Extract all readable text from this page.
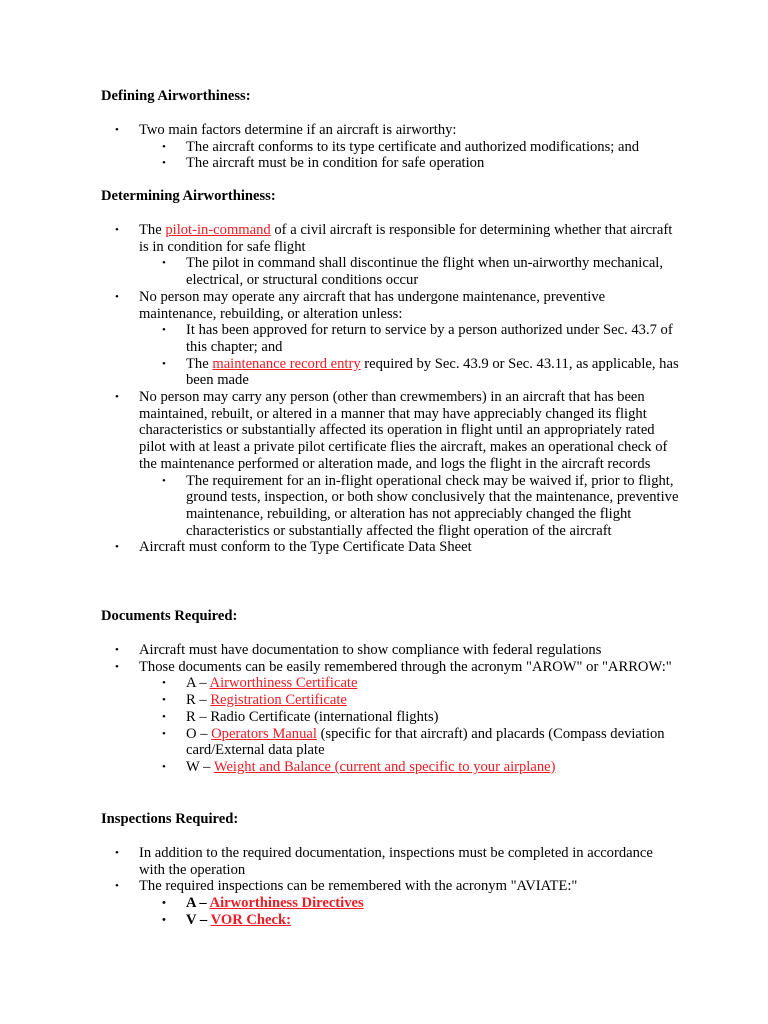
Defining Airworthiness:
• Two main factors determine if an aircraft is airworthy:
• The aircraft conforms to its type certificate and authorized modifications; and
• The aircraft must be in condition for safe operation
Determining Airworthiness:
• The pilot-in-command of a civil aircraft is responsible for determining whether that aircraft is in condition for safe flight
• The pilot in command shall discontinue the flight when un-airworthy mechanical, electrical, or structural conditions occur
• No person may operate any aircraft that has undergone maintenance, preventive maintenance, rebuilding, or alteration unless:
• It has been approved for return to service by a person authorized under Sec. 43.7 of this chapter; and
• The maintenance record entry required by Sec. 43.9 or Sec. 43.11, as applicable, has been made
• No person may carry any person (other than crewmembers) in an aircraft that has been maintained, rebuilt, or altered in a manner that may have appreciably changed its flight characteristics or substantially affected its operation in flight until an appropriately rated pilot with at least a private pilot certificate flies the aircraft, makes an operational check of the maintenance performed or alteration made, and logs the flight in the aircraft records
• The requirement for an in-flight operational check may be waived if, prior to flight, ground tests, inspection, or both show conclusively that the maintenance, preventive maintenance, rebuilding, or alteration has not appreciably changed the flight characteristics or substantially affected the flight operation of the aircraft
• Aircraft must conform to the Type Certificate Data Sheet
Documents Required:
• Aircraft must have documentation to show compliance with federal regulations
• Those documents can be easily remembered through the acronym "AROW" or "ARROW:"
• A – Airworthiness Certificate
• R – Registration Certificate
• R – Radio Certificate (international flights)
• O – Operators Manual (specific for that aircraft) and placards (Compass deviation card/External data plate
• W – Weight and Balance (current and specific to your airplane)
Inspections Required:
• In addition to the required documentation, inspections must be completed in accordance with the operation
• The required inspections can be remembered with the acronym "AVIATE:"
• A – Airworthiness Directives
• V – VOR Check:
